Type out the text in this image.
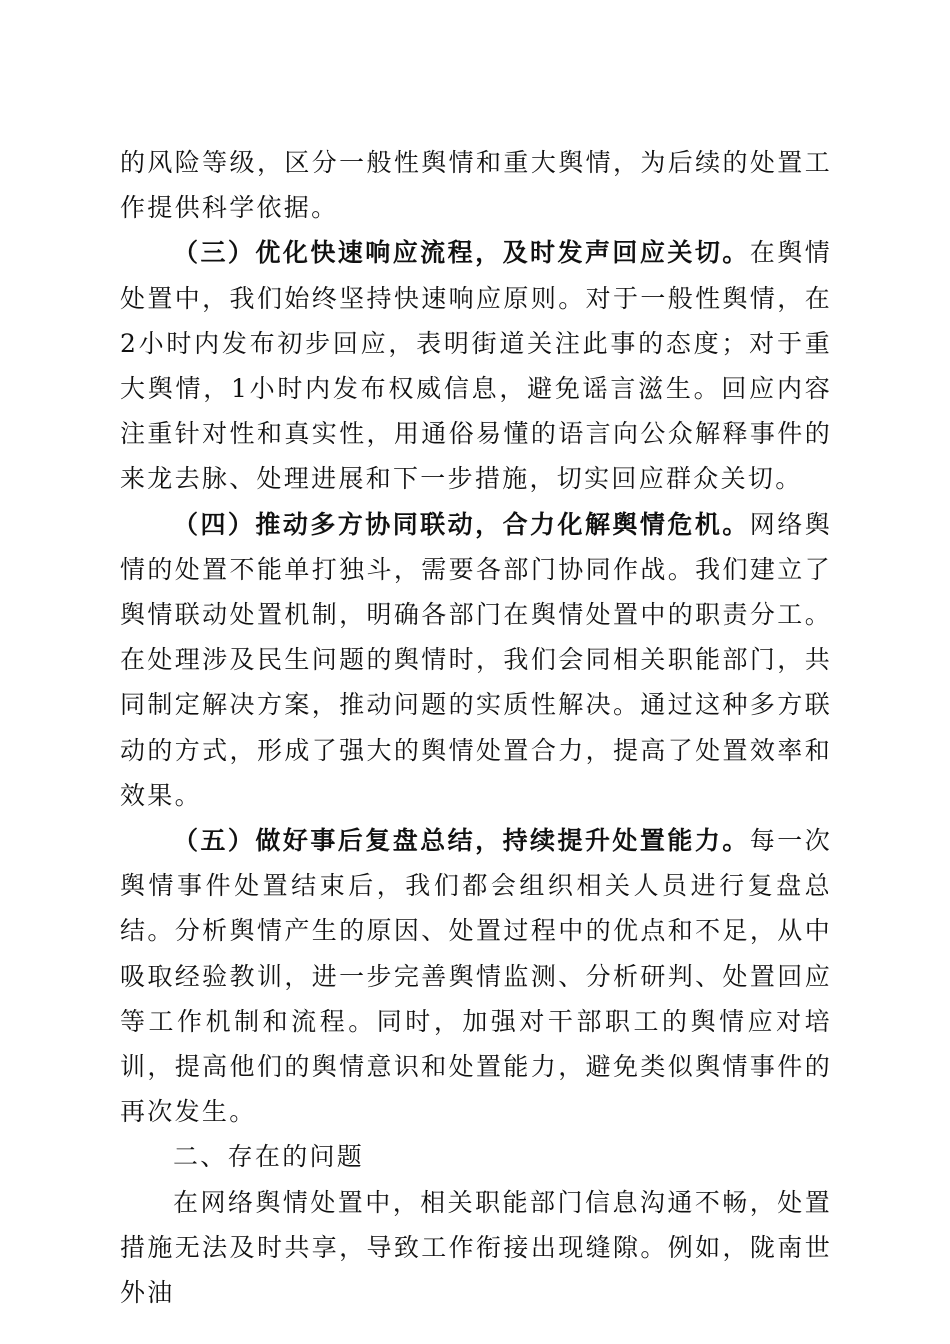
的风险等级，区分一般性舆情和重大舆情，为后续的处置工作提供科学依据。

（三）优化快速响应流程，及时发声回应关切。在舆情处置中，我们始终坚持快速响应原则。对于一般性舆情，在2小时内发布初步回应，表明街道关注此事的态度；对于重大舆情，1小时内发布权威信息，避免谣言滋生。回应内容注重针对性和真实性，用通俗易懂的语言向公众解释事件的来龙去脉、处理进展和下一步措施，切实回应群众关切。

（四）推动多方协同联动，合力化解舆情危机。网络舆情的处置不能单打独斗，需要各部门协同作战。我们建立了舆情联动处置机制，明确各部门在舆情处置中的职责分工。在处理涉及民生问题的舆情时，我们会同相关职能部门，共同制定解决方案，推动问题的实质性解决。通过这种多方联动的方式，形成了强大的舆情处置合力，提高了处置效率和效果。

（五）做好事后复盘总结，持续提升处置能力。每一次舆情事件处置结束后，我们都会组织相关人员进行复盘总结。分析舆情产生的原因、处置过程中的优点和不足，从中吸取经验教训，进一步完善舆情监测、分析研判、处置回应等工作机制和流程。同时，加强对干部职工的舆情应对培训，提高他们的舆情意识和处置能力，避免类似舆情事件的再次发生。

二、存在的问题

在网络舆情处置中，相关职能部门信息沟通不畅，处置措施无法及时共享，导致工作衔接出现缝隙。例如，陇南世外油
